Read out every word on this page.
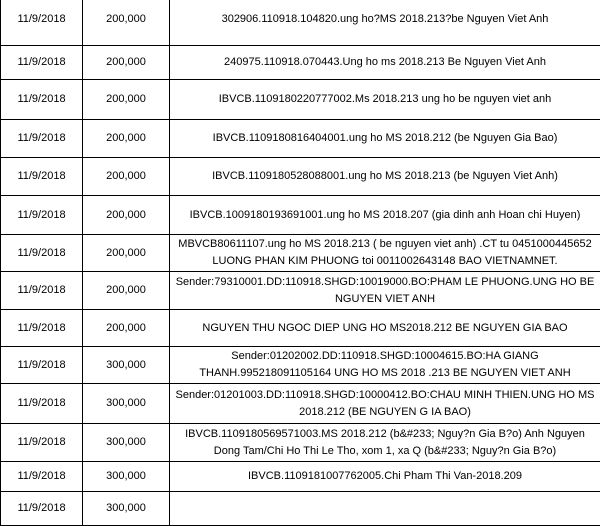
11/9/2018	200,000	302906.110918.104820.ung ho?MS 2018.213?be Nguyen Viet Anh
11/9/2018	200,000	240975.110918.070443.Ung ho ms 2018.213 Be Nguyen Viet Anh
11/9/2018	200,000	IBVCB.1109180220777002.Ms 2018.213 ung ho be nguyen viet anh
11/9/2018	200,000	IBVCB.1109180816404001.ung ho MS 2018.212 (be Nguyen Gia Bao)
11/9/2018	200,000	IBVCB.1109180528088001.ung ho MS 2018.213 (be Nguyen Viet Anh)
11/9/2018	200,000	IBVCB.1009180193691001.ung ho MS 2018.207 (gia dinh anh Hoan chi Huyen)
11/9/2018	200,000	MBVCB80611107.ung ho MS 2018.213 ( be nguyen viet anh) .CT tu 0451000445652 LUONG PHAN KIM PHUONG toi 0011002643148 BAO VIETNAMNET.
11/9/2018	200,000	Sender:79310001.DD:110918.SHGD:10019000.BO:PHAM LE PHUONG.UNG HO BE NGUYEN VIET ANH
11/9/2018	200,000	NGUYEN THU NGOC DIEP UNG HO MS2018.212 BE NGUYEN GIA BAO
11/9/2018	300,000	Sender:01202002.DD:110918.SHGD:10004615.BO:HA GIANG THANH.995218091105164 UNG HO MS 2018 .213 BE NGUYEN VIET ANH
11/9/2018	300,000	Sender:01201003.DD:110918.SHGD:10000412.BO:CHAU MINH THIEN.UNG HO MS 2018.212 (BE NGUYEN G IA BAO)
11/9/2018	300,000	IBVCB.1109180569571003.MS 2018.212 (b&#233; Nguy?n Gia B?o) Anh Nguyen Dong Tam/Chi Ho Thi Le Tho, xom 1, xa Q (b&#233; Nguy?n Gia B?o)
11/9/2018	300,000	IBVCB.1109181007762005.Chi Pham Thi Van-2018.209
11/9/2018	300,000	
